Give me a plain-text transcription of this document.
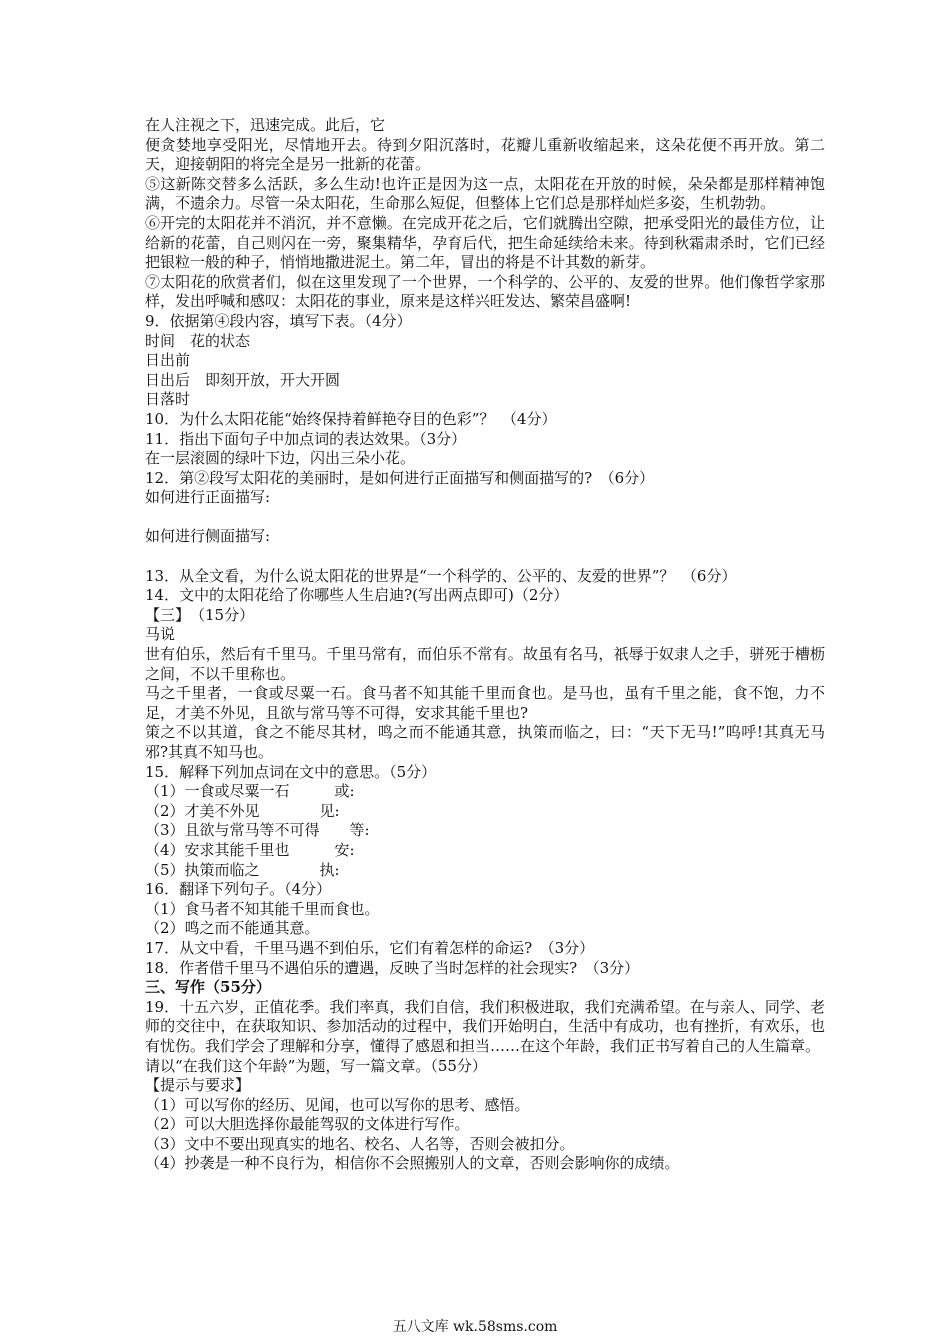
在人注视之下，迅速完成。此后，它

便贪婪地享受阳光，尽情地开去。待到夕阳沉落时，花瓣儿重新收缩起来，这朵花便不再开放。第二天，迎接朝阳的将完全是另一批新的花蕾。

⑤这新陈交替多么活跃，多么生动!也许正是因为这一点，太阳花在开放的时候，朵朵都是那样精神饱满，不遗余力。尽管一朵太阳花，生命那么短促，但整体上它们总是那样灿烂多姿，生机勃勃。

⑥开完的太阳花并不消沉，并不意懒。在完成开花之后，它们就腾出空隙，把承受阳光的最佳方位，让给新的花蕾，自己则闪在一旁，聚集精华，孕育后代，把生命延续给未来。待到秋霜肃杀时，它们已经把银粒一般的种子，悄悄地撒进泥土。第二年，冒出的将是不计其数的新芽。

⑦太阳花的欣赏者们，似在这里发现了一个世界，一个科学的、公平的、友爱的世界。他们像哲学家那样，发出呼喊和感叹：太阳花的事业，原来是这样兴旺发达、繁荣昌盛啊!

9．依据第④段内容，填写下表。（4分）

时间　花的状态

日出前

日出后　即刻开放，开大开圆

日落时

10．为什么太阳花能“始终保持着鲜艳夺目的色彩”？　（4分）

11．指出下面句子中加点词的表达效果。（3分）

在一层滚圆的绿叶下边，闪出三朵小花。

12．第②段写太阳花的美丽时，是如何进行正面描写和侧面描写的?　（6分）

如何进行正面描写:

如何进行侧面描写:

13．从全文看，为什么说太阳花的世界是“一个科学的、公平的、友爱的世界”？　（6分）

14．文中的太阳花给了你哪些人生启迪?(写出两点即可)（2分）

【三】　（15分）

马说

世有伯乐，然后有千里马。千里马常有，而伯乐不常有。故虽有名马，祇辱于奴隶人之手，骈死于槽枥之间，不以千里称也。

马之千里者，一食或尽粟一石。食马者不知其能千里而食也。是马也，虽有千里之能，食不饱，力不足，才美不外见，且欲与常马等不可得，安求其能千里也?

策之不以其道，食之不能尽其材，鸣之而不能通其意，执策而临之，曰：“天下无马!”呜呼!其真无马邪?其真不知马也。

15．解释下列加点词在文中的意思。（5分）

（1）一食或尽粟一石　　　或:

（2）才美不外见　　　　见:

（3）且欲与常马等不可得　　等:

（4）安求其能千里也　　　安:

（5）执策而临之　　　　执:

16．翻译下列句子。（4分）

（1）食马者不知其能千里而食也。

（2）鸣之而不能通其意。

17．从文中看，千里马遇不到伯乐，它们有着怎样的命运?　（3分）

18．作者借千里马不遇伯乐的遭遇，反映了当时怎样的社会现实?　（3分）

三、写作（55分）

19．十五六岁，正值花季。我们率真，我们自信，我们积极进取，我们充满希望。在与亲人、同学、老师的交往中，在获取知识、参加活动的过程中，我们开始明白，生活中有成功，也有挫折，有欢乐，也有忧伤。我们学会了理解和分享，懂得了感恩和担当……在这个年龄，我们正书写着自己的人生篇章。

请以“在我们这个年龄”为题，写一篇文章。（55分）

【提示与要求】

（1）可以写你的经历、见闻，也可以写你的思考、感悟。

（2）可以大胆选择你最能驾驭的文体进行写作。

（3）文中不要出现真实的地名、校名、人名等，否则会被扣分。

（4）抄袭是一种不良行为，相信你不会照搬别人的文章，否则会影响你的成绩。

五八文库 wk.58sms.com
